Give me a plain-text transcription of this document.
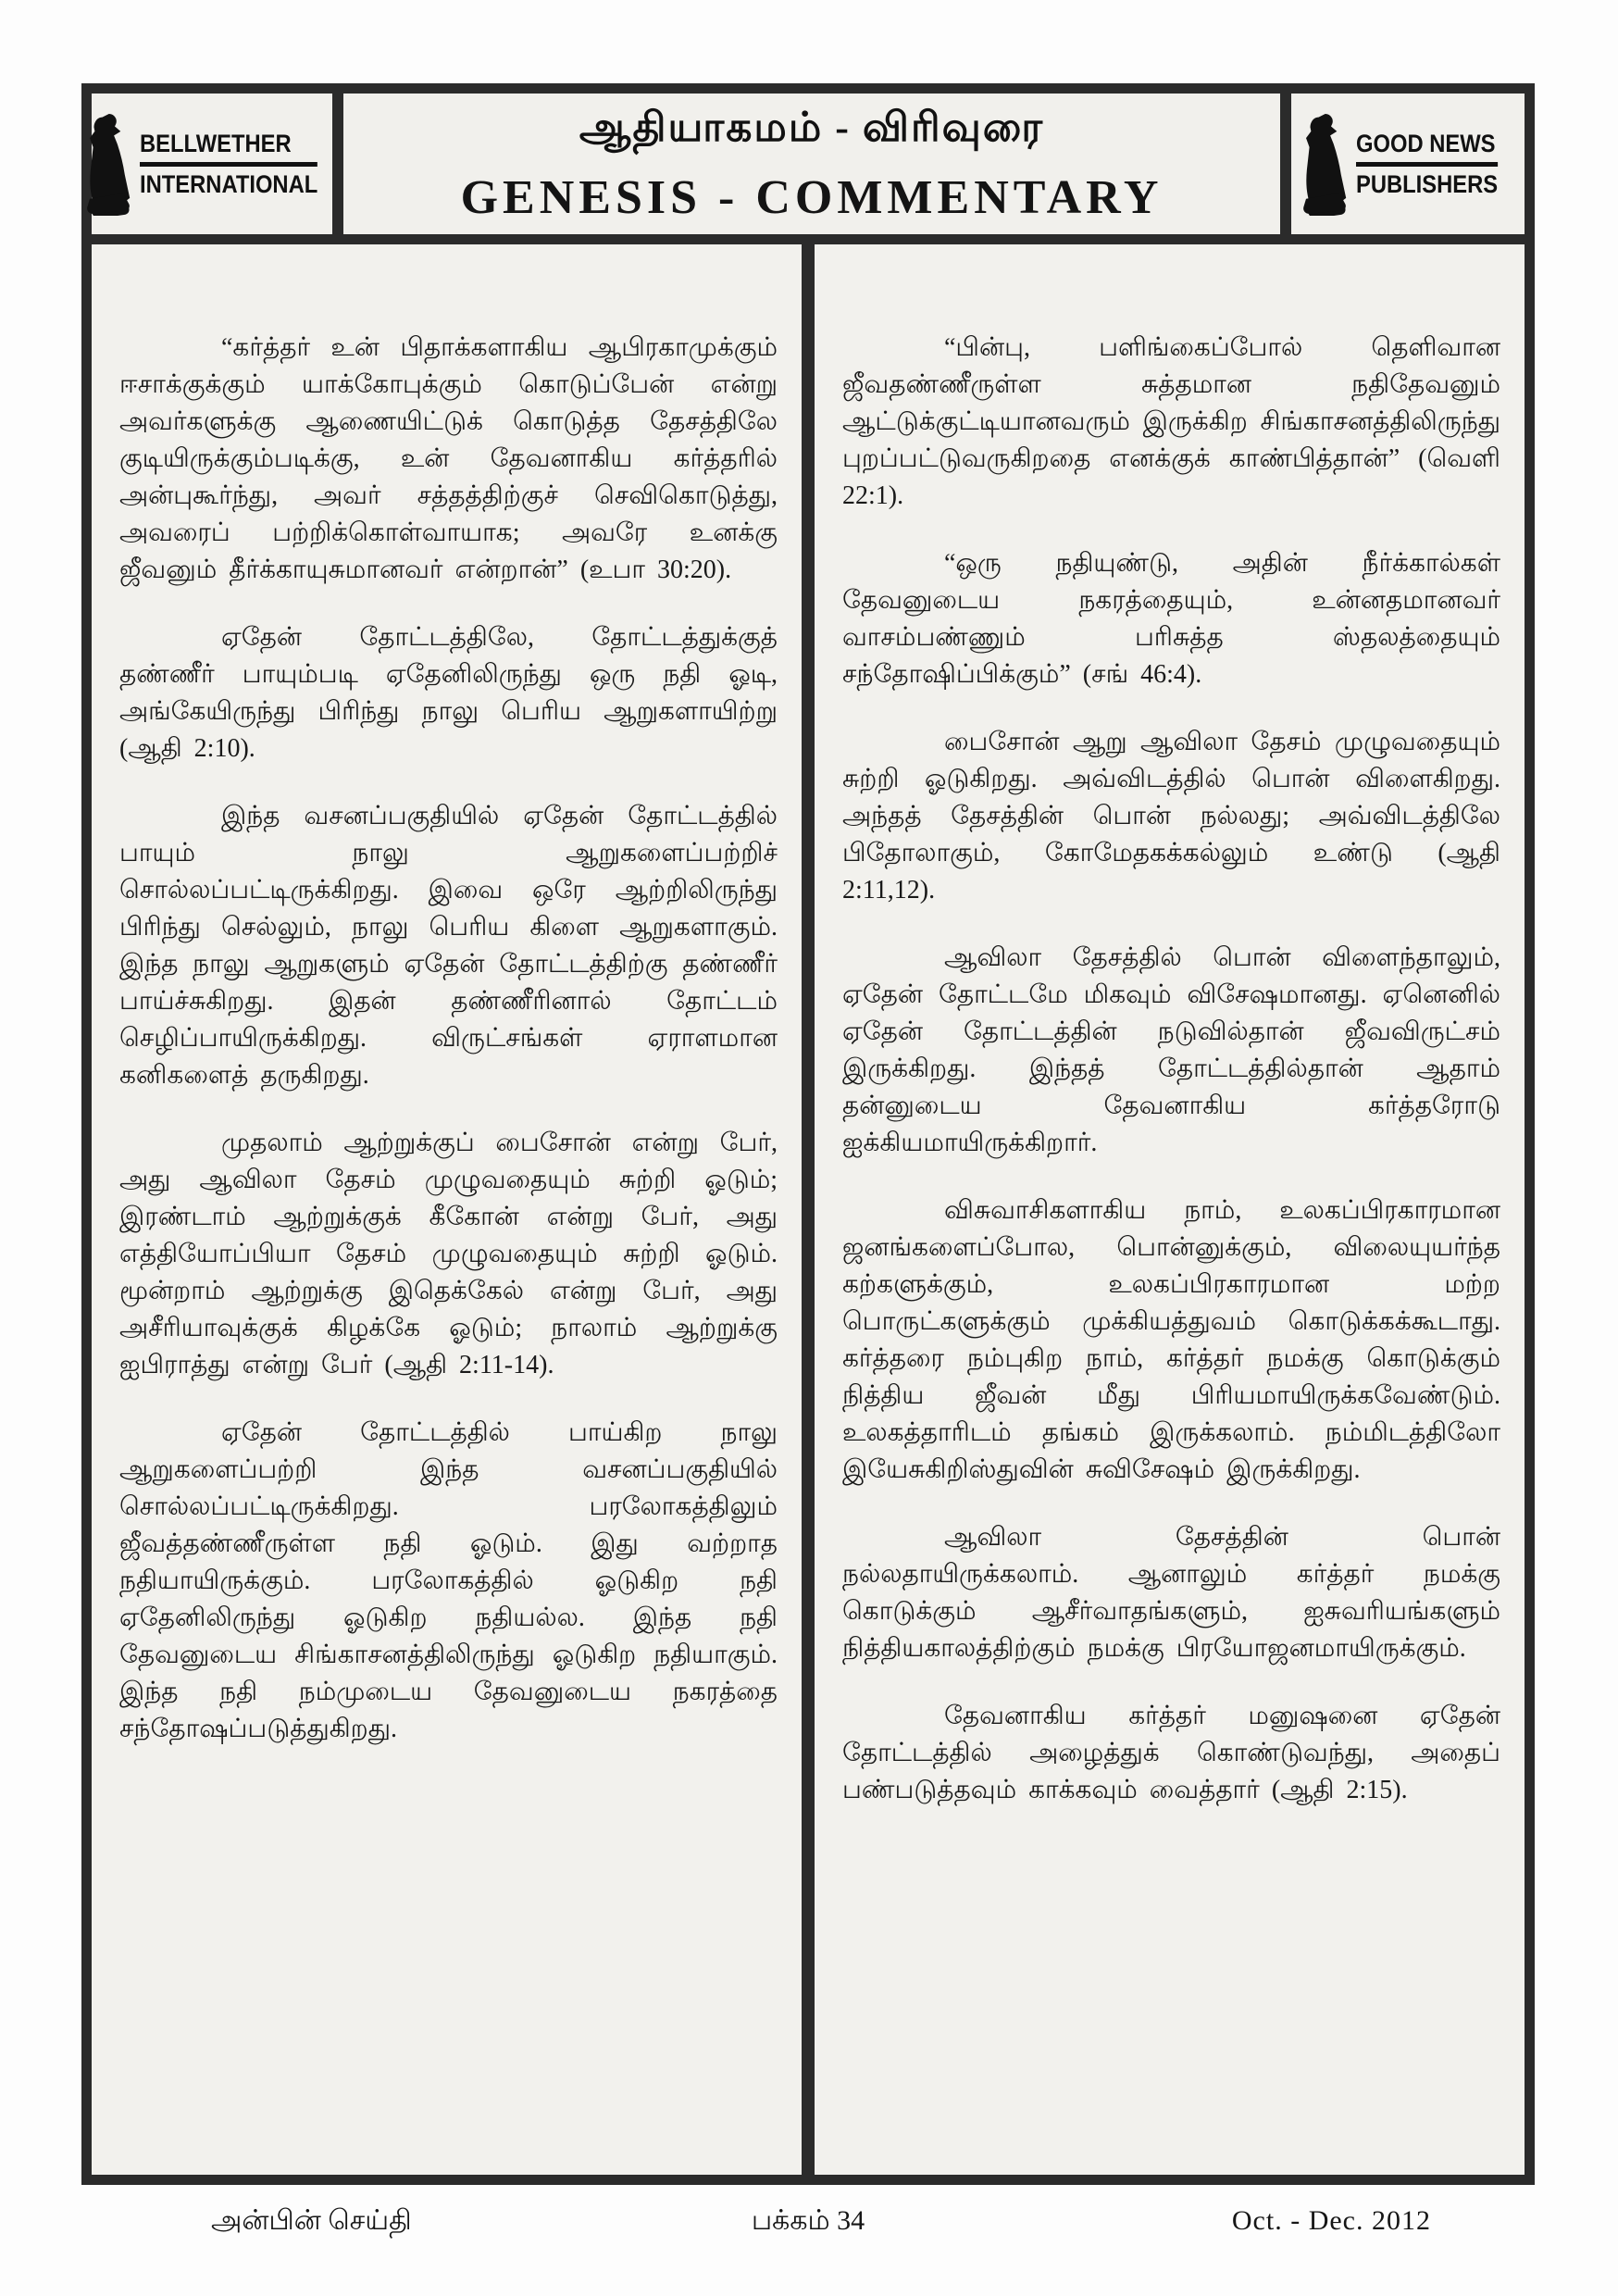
BELLWETHER
INTERNATIONAL
ஆதியாகமம் - விரிவுரை
GENESIS - COMMENTARY
GOOD NEWS
PUBLISHERS

“கர்த்தர் உன் பிதாக்களாகிய ஆபிரகாமுக்கும் ஈசாக்குக்கும் யாக்கோபுக்கும் கொடுப்பேன் என்று அவர்களுக்கு ஆணையிட்டுக் கொடுத்த தேசத்திலே குடியிருக்கும்படிக்கு, உன் தேவனாகிய கர்த்தரில் அன்புகூர்ந்து, அவர் சத்தத்திற்குச் செவிகொடுத்து, அவரைப் பற்றிக்கொள்வாயாக; அவரே உனக்கு ஜீவனும் தீர்க்காயுசுமானவர் என்றான்” (உபா 30:20).

ஏதேன் தோட்டத்திலே, தோட்டத்துக்குத் தண்ணீர் பாயும்படி ஏதேனிலிருந்து ஒரு நதி ஓடி, அங்கேயிருந்து பிரிந்து நாலு பெரிய ஆறுகளாயிற்று (ஆதி 2:10).

இந்த வசனப்பகுதியில் ஏதேன் தோட்டத்தில் பாயும் நாலு ஆறுகளைப்பற்றிச் சொல்லப்பட்டிருக்கிறது. இவை ஒரே ஆற்றிலிருந்து பிரிந்து செல்லும், நாலு பெரிய கிளை ஆறுகளாகும். இந்த நாலு ஆறுகளும் ஏதேன் தோட்டத்திற்கு தண்ணீர் பாய்ச்சுகிறது. இதன் தண்ணீரினால் தோட்டம் செழிப்பாயிருக்கிறது. விருட்சங்கள் ஏராளமான கனிகளைத் தருகிறது.

முதலாம் ஆற்றுக்குப் பைசோன் என்று பேர், அது ஆவிலா தேசம் முழுவதையும் சுற்றி ஓடும்; இரண்டாம் ஆற்றுக்குக் கீகோன் என்று பேர், அது எத்தியோப்பியா தேசம் முழுவதையும் சுற்றி ஓடும். மூன்றாம் ஆற்றுக்கு இதெக்கேல் என்று பேர், அது அசீரியாவுக்குக் கிழக்கே ஓடும்; நாலாம் ஆற்றுக்கு ஐபிராத்து என்று பேர் (ஆதி 2:11-14).

ஏதேன் தோட்டத்தில் பாய்கிற நாலு ஆறுகளைப்பற்றி இந்த வசனப்பகுதியில் சொல்லப்பட்டிருக்கிறது. பரலோகத்திலும் ஜீவத்தண்ணீருள்ள நதி ஓடும். இது வற்றாத நதியாயிருக்கும். பரலோகத்தில் ஓடுகிற நதி ஏதேனிலிருந்து ஓடுகிற நதியல்ல. இந்த நதி தேவனுடைய சிங்காசனத்திலிருந்து ஓடுகிற நதியாகும். இந்த நதி நம்முடைய தேவனுடைய நகரத்தை சந்தோஷப்படுத்துகிறது.

“பின்பு, பளிங்கைப்போல் தெளிவான ஜீவதண்ணீருள்ள சுத்தமான நதிதேவனும் ஆட்டுக்குட்டியானவரும் இருக்கிற சிங்காசனத்திலிருந்து புறப்பட்டுவருகிறதை எனக்குக் காண்பித்தான்” (வெளி 22:1).

“ஒரு நதியுண்டு, அதின் நீர்க்கால்கள் தேவனுடைய நகரத்தையும், உன்னதமானவர் வாசம்பண்ணும் பரிசுத்த ஸ்தலத்தையும் சந்தோஷிப்பிக்கும்” (சங் 46:4).

பைசோன் ஆறு ஆவிலா தேசம் முழுவதையும் சுற்றி ஓடுகிறது. அவ்விடத்தில் பொன் விளைகிறது. அந்தத் தேசத்தின் பொன் நல்லது; அவ்விடத்திலே பிதோலாகும், கோமேதகக்கல்லும் உண்டு (ஆதி 2:11,12).

ஆவிலா தேசத்தில் பொன் விளைந்தாலும், ஏதேன் தோட்டமே மிகவும் விசேஷமானது. ஏனெனில் ஏதேன் தோட்டத்தின் நடுவில்தான் ஜீவவிருட்சம் இருக்கிறது. இந்தத் தோட்டத்தில்தான் ஆதாம் தன்னுடைய தேவனாகிய கர்த்தரோடு ஐக்கியமாயிருக்கிறார்.

விசுவாசிகளாகிய நாம், உலகப்பிரகாரமான ஜனங்களைப்போல, பொன்னுக்கும், விலையுயர்ந்த கற்களுக்கும், உலகப்பிரகாரமான மற்ற பொருட்களுக்கும் முக்கியத்துவம் கொடுக்கக்கூடாது. கர்த்தரை நம்புகிற நாம், கர்த்தர் நமக்கு கொடுக்கும் நித்திய ஜீவன் மீது பிரியமாயிருக்கவேண்டும். உலகத்தாரிடம் தங்கம் இருக்கலாம். நம்மிடத்திலோ இயேசுகிறிஸ்துவின் சுவிசேஷம் இருக்கிறது.

ஆவிலா தேசத்தின் பொன் நல்லதாயிருக்கலாம். ஆனாலும் கர்த்தர் நமக்கு கொடுக்கும் ஆசீர்வாதங்களும், ஐசுவரியங்களும் நித்தியகாலத்திற்கும் நமக்கு பிரயோஜனமாயிருக்கும்.

தேவனாகிய கர்த்தர் மனுஷனை ஏதேன் தோட்டத்தில் அழைத்துக் கொண்டுவந்து, அதைப் பண்படுத்தவும் காக்கவும் வைத்தார் (ஆதி 2:15).

அன்பின் செய்தி	பக்கம் 34	Oct. - Dec. 2012
